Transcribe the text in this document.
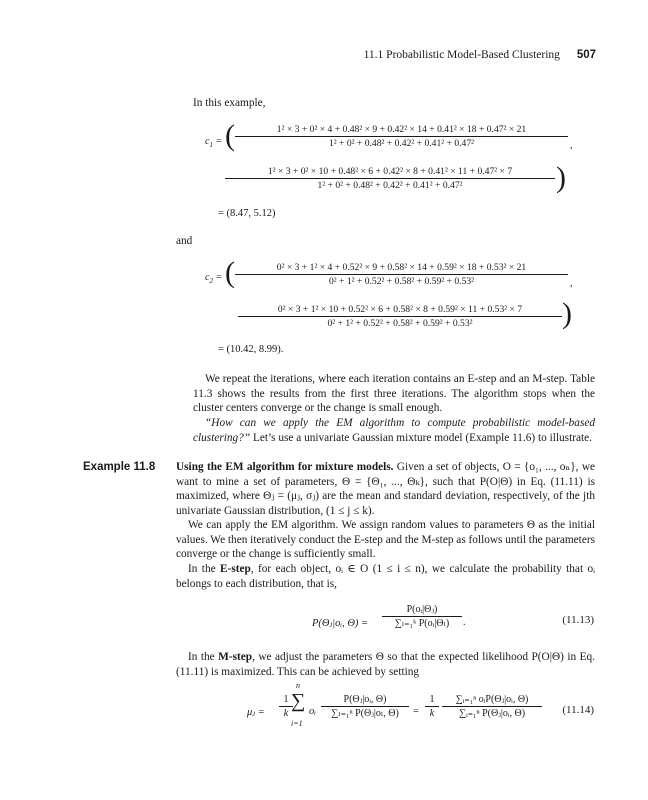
11.1 Probabilistic Model-Based Clustering 507
In this example,
$c_1$ = (	1² × 3 + 0² × 4 + 0.48² × 9 + 0.42² × 14 + 0.41² × 18 + 0.47² × 21
1² + 0² + 0.48² + 0.42² + 0.41² + 0.47²	,
1² × 3 + 0² × 10 + 0.48² × 6 + 0.42² × 8 + 0.41² × 11 + 0.47² × 7
1² + 0² + 0.48² + 0.42² + 0.41² + 0.47²	)
= (8.47, 5.12)
and
$c_2$ = (	0² × 3 + 1² × 4 + 0.52² × 9 + 0.58² × 14 + 0.59² × 18 + 0.53² × 21
0² + 1² + 0.52² + 0.58² + 0.59² + 0.53²	,
0² × 3 + 1² × 10 + 0.52² × 6 + 0.58² × 8 + 0.59² × 11 + 0.53² × 7
0² + 1² + 0.52² + 0.58² + 0.59² + 0.53²	)
= (10.42, 8.99).
We repeat the iterations, where each iteration contains an E-step and an M-step. Table 11.3 shows the results from the first three iterations. The algorithm stops when the cluster centers converge or the change is small enough.
“How can we apply the EM algorithm to compute probabilistic model-based clustering?” Let’s use a univariate Gaussian mixture model (Example 11.6) to illustrate.
Example 11.8 Using the EM algorithm for mixture models. Given a set of objects, O = {o₁, ..., oₙ}, we want to mine a set of parameters, Θ = {Θ₁, ..., Θₖ}, such that P(O|Θ) in Eq. (11.11) is maximized, where Θⱼ = (μⱼ, σⱼ) are the mean and standard deviation, respectively, of the jth univariate Gaussian distribution, (1 ≤ j ≤ k).
We can apply the EM algorithm. We assign random values to parameters Θ as the initial values. We then iteratively conduct the E-step and the M-step as follows until the parameters converge or the change is sufficiently small.
In the E-step, for each object, oᵢ ∈ O (1 ≤ i ≤ n), we calculate the probability that oᵢ belongs to each distribution, that is,
P(Θⱼ|oᵢ, $\Theta) = \frac{\text{P(oᵢ|Θⱼ)}}{\text{∑ₗ₌₁ᵏ P(oᵢ|Θₗ)}}$ .	(11.13)
In the M-step, we adjust the parameters Θ so that the expected likelihood P(O|Θ) in Eq. (11.11) is maximized. This can be achieved by setting
μⱼ = $\frac{1}{k}$
n
∑
i=1
oᵢ $\frac{\text{P(Θⱼ|oᵢ, Θ)}}{\text{∑ₗ₌₁ⁿ P(Θⱼ|oₗ, Θ)}} = \frac{1}{k}$	∑ᵢ₌₁ⁿ oᵢP(Θⱼ|oᵢ, Θ)
∑ᵢ₌₁ⁿ P(Θⱼ|oᵢ, Θ)	(11.14)
